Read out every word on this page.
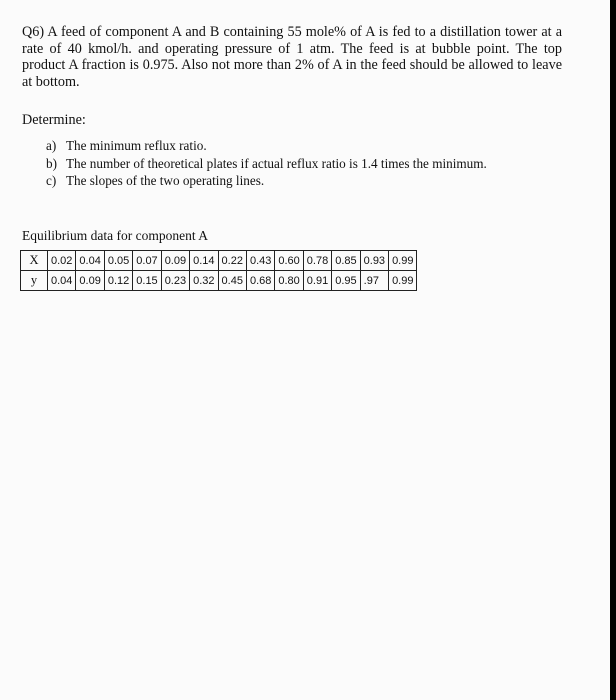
Q6) A feed of component A and B containing 55 mole% of A is fed to a distillation tower at a rate of 40 kmol/h. and operating pressure of 1 atm. The feed is at bubble point. The top product A fraction is 0.975. Also not more than 2% of A in the feed should be allowed to leave at bottom.
Determine:
a) The minimum reflux ratio.
b) The number of theoretical plates if actual reflux ratio is 1.4 times the minimum.
c) The slopes of the two operating lines.
Equilibrium data for component A
X	0.02	0.04	0.05	0.07	0.09	0.14	0.22	0.43	0.60	0.78	0.85	0.93	0.99
y	0.04	0.09	0.12	0.15	0.23	0.32	0.45	0.68	0.80	0.91	0.95	.97	0.99
